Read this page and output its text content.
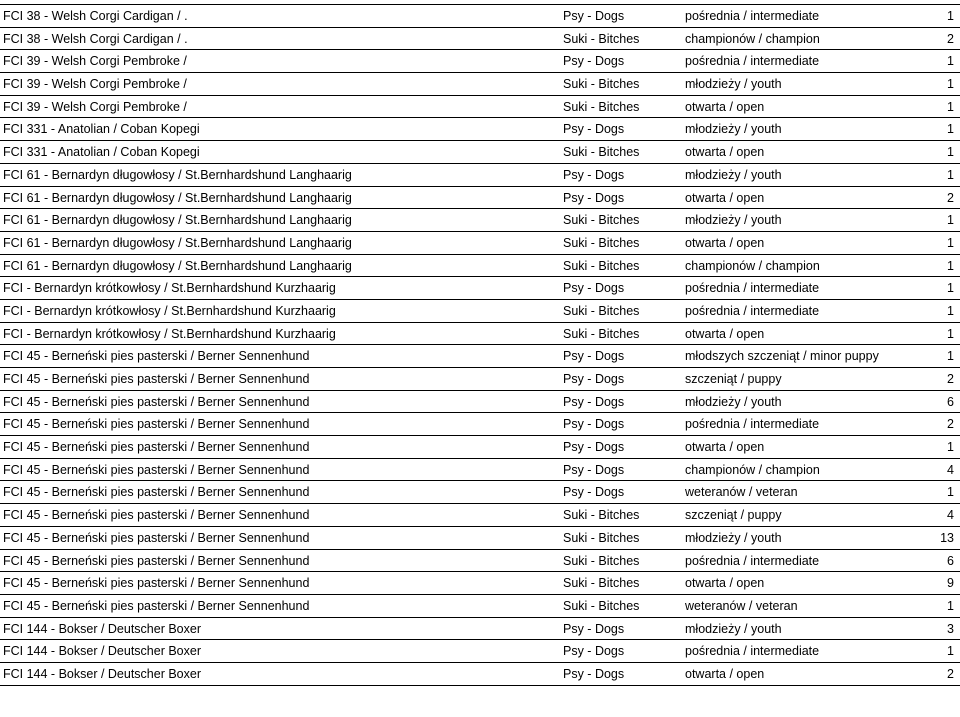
FCI 38 - Welsh Corgi Cardigan / .	Psy - Dogs	pośrednia / intermediate	1
FCI 38 - Welsh Corgi Cardigan / .	Suki - Bitches	championów / champion	2
FCI 39 - Welsh Corgi Pembroke /	Psy - Dogs	pośrednia / intermediate	1
FCI 39 - Welsh Corgi Pembroke /	Suki - Bitches	młodzieży / youth	1
FCI 39 - Welsh Corgi Pembroke /	Suki - Bitches	otwarta / open	1
FCI 331 - Anatolian / Coban Kopegi	Psy - Dogs	młodzieży / youth	1
FCI 331 - Anatolian / Coban Kopegi	Suki - Bitches	otwarta / open	1
FCI 61 - Bernardyn długowłosy / St.Bernhardshund Langhaarig	Psy - Dogs	młodzieży / youth	1
FCI 61 - Bernardyn długowłosy / St.Bernhardshund Langhaarig	Psy - Dogs	otwarta / open	2
FCI 61 - Bernardyn długowłosy / St.Bernhardshund Langhaarig	Suki - Bitches	młodzieży / youth	1
FCI 61 - Bernardyn długowłosy / St.Bernhardshund Langhaarig	Suki - Bitches	otwarta / open	1
FCI 61 - Bernardyn długowłosy / St.Bernhardshund Langhaarig	Suki - Bitches	championów / champion	1
FCI - Bernardyn krótkowłosy / St.Bernhardshund Kurzhaarig	Psy - Dogs	pośrednia / intermediate	1
FCI - Bernardyn krótkowłosy / St.Bernhardshund Kurzhaarig	Suki - Bitches	pośrednia / intermediate	1
FCI - Bernardyn krótkowłosy / St.Bernhardshund Kurzhaarig	Suki - Bitches	otwarta / open	1
FCI 45 - Berneński pies pasterski / Berner Sennenhund	Psy - Dogs	młodszych szczeniąt / minor puppy	1
FCI 45 - Berneński pies pasterski / Berner Sennenhund	Psy - Dogs	szczeniąt / puppy	2
FCI 45 - Berneński pies pasterski / Berner Sennenhund	Psy - Dogs	młodzieży / youth	6
FCI 45 - Berneński pies pasterski / Berner Sennenhund	Psy - Dogs	pośrednia / intermediate	2
FCI 45 - Berneński pies pasterski / Berner Sennenhund	Psy - Dogs	otwarta / open	1
FCI 45 - Berneński pies pasterski / Berner Sennenhund	Psy - Dogs	championów / champion	4
FCI 45 - Berneński pies pasterski / Berner Sennenhund	Psy - Dogs	weteranów / veteran	1
FCI 45 - Berneński pies pasterski / Berner Sennenhund	Suki - Bitches	szczeniąt / puppy	4
FCI 45 - Berneński pies pasterski / Berner Sennenhund	Suki - Bitches	młodzieży / youth	13
FCI 45 - Berneński pies pasterski / Berner Sennenhund	Suki - Bitches	pośrednia / intermediate	6
FCI 45 - Berneński pies pasterski / Berner Sennenhund	Suki - Bitches	otwarta / open	9
FCI 45 - Berneński pies pasterski / Berner Sennenhund	Suki - Bitches	weteranów / veteran	1
FCI 144 - Bokser / Deutscher Boxer	Psy - Dogs	młodzieży / youth	3
FCI 144 - Bokser / Deutscher Boxer	Psy - Dogs	pośrednia / intermediate	1
FCI 144 - Bokser / Deutscher Boxer	Psy - Dogs	otwarta / open	2
